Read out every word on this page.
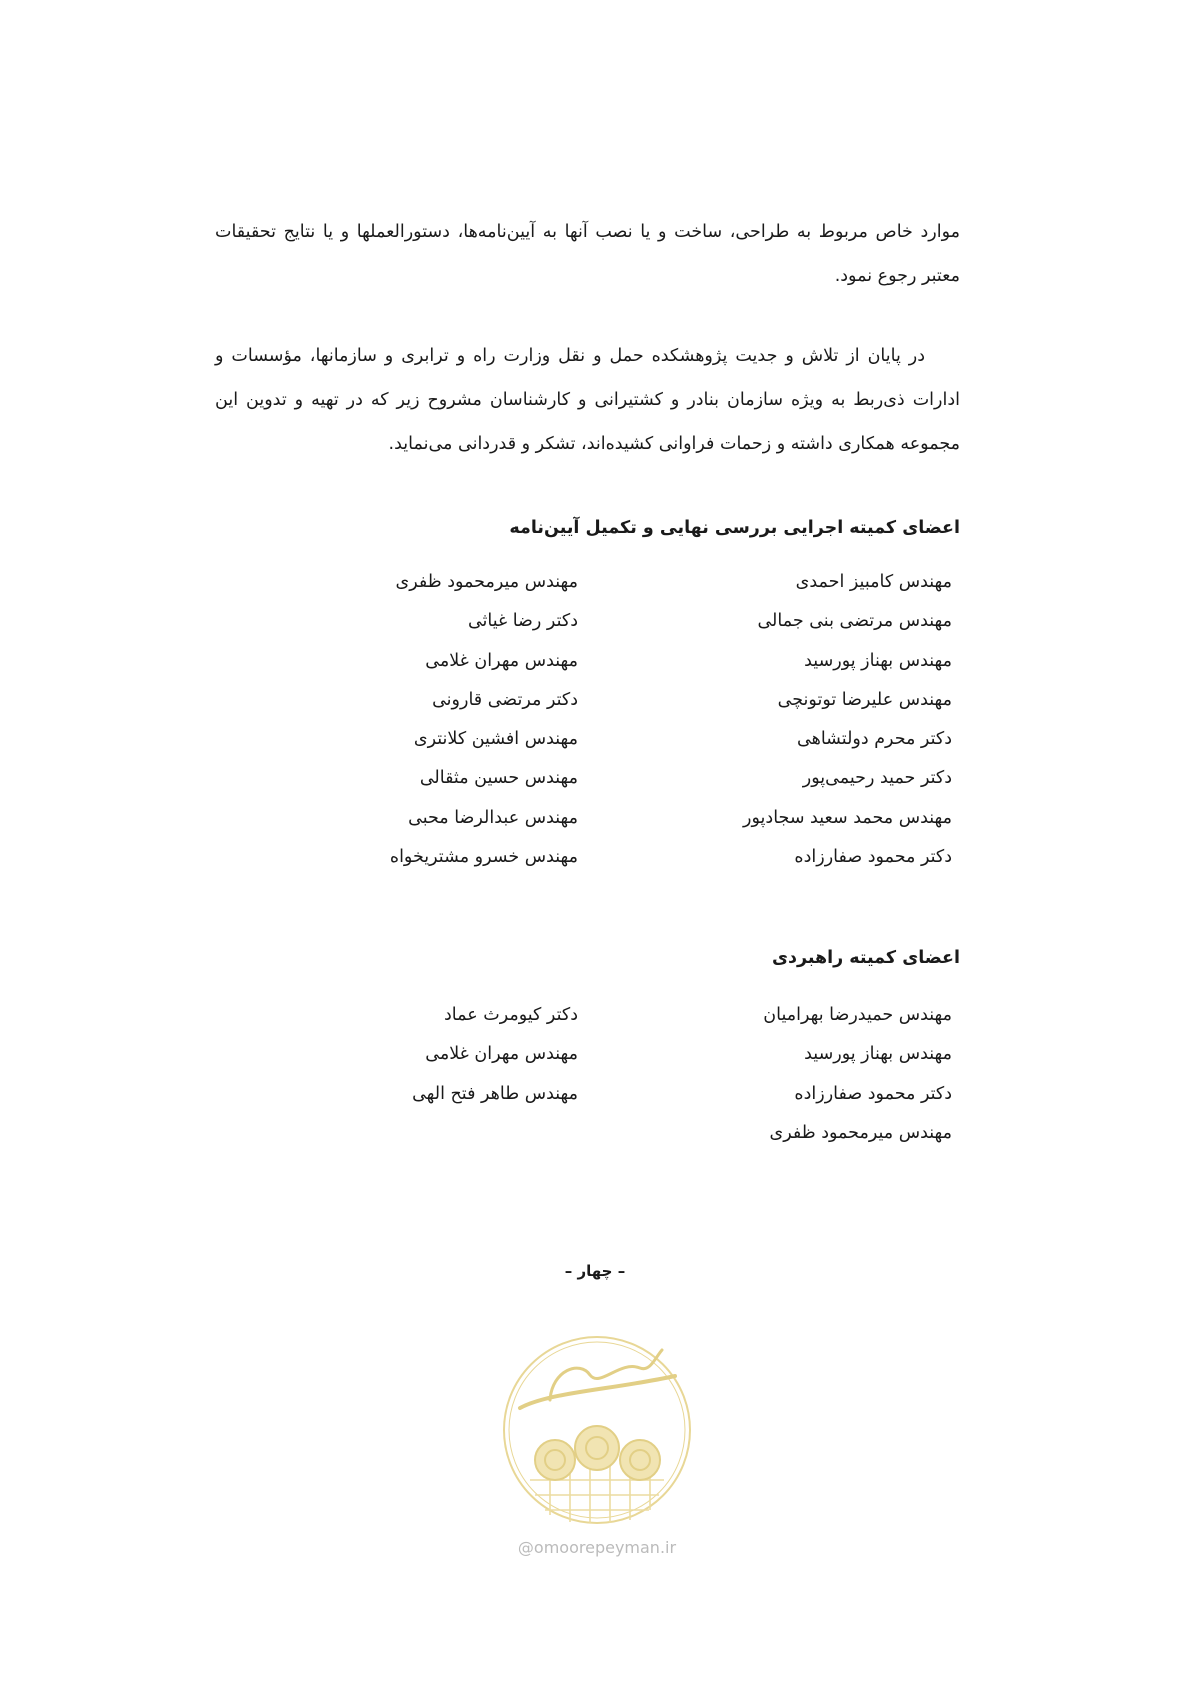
موارد خاص مربوط به طراحی، ساخت و یا نصب آنها به آیین‌نامه‌ها، دستورالعملها و یا نتایج تحقیقات معتبر رجوع نمود.

در پایان از تلاش و جدیت پژوهشکده حمل و نقل وزارت راه و ترابری و سازمانها، مؤسسات و ادارات ذی‌ربط به ویژه سازمان بنادر و کشتیرانی و کارشناسان مشروح زیر که در تهیه و تدوین این مجموعه همکاری داشته و زحمات فراوانی کشیده‌اند، تشکر و قدردانی می‌نماید.

اعضای کمیته اجرایی بررسی نهایی و تکمیل آیین‌نامه
مهندس کامبیز احمدی
مهندس مرتضی بنی جمالی
مهندس بهناز پورسید
مهندس علیرضا توتونچی
دکتر محرم دولتشاهی
دکتر حمید رحیمی‌پور
مهندس محمد سعید سجادپور
دکتر محمود صفارزاده
مهندس میرمحمود ظفری
دکتر رضا غیاثی
مهندس مهران غلامی
دکتر مرتضی قارونی
مهندس افشین کلانتری
مهندس حسین مثقالی
مهندس عبدالرضا محبی
مهندس خسرو مشتریخواه
اعضای کمیته راهبردی
مهندس حمیدرضا بهرامیان
مهندس بهناز پورسید
دکتر محمود صفارزاده
مهندس میرمحمود ظفری
دکتر کیومرث عماد
مهندس مهران غلامی
مهندس طاهر فتح الهی
– چهار –
@omoorepeyman.ir
